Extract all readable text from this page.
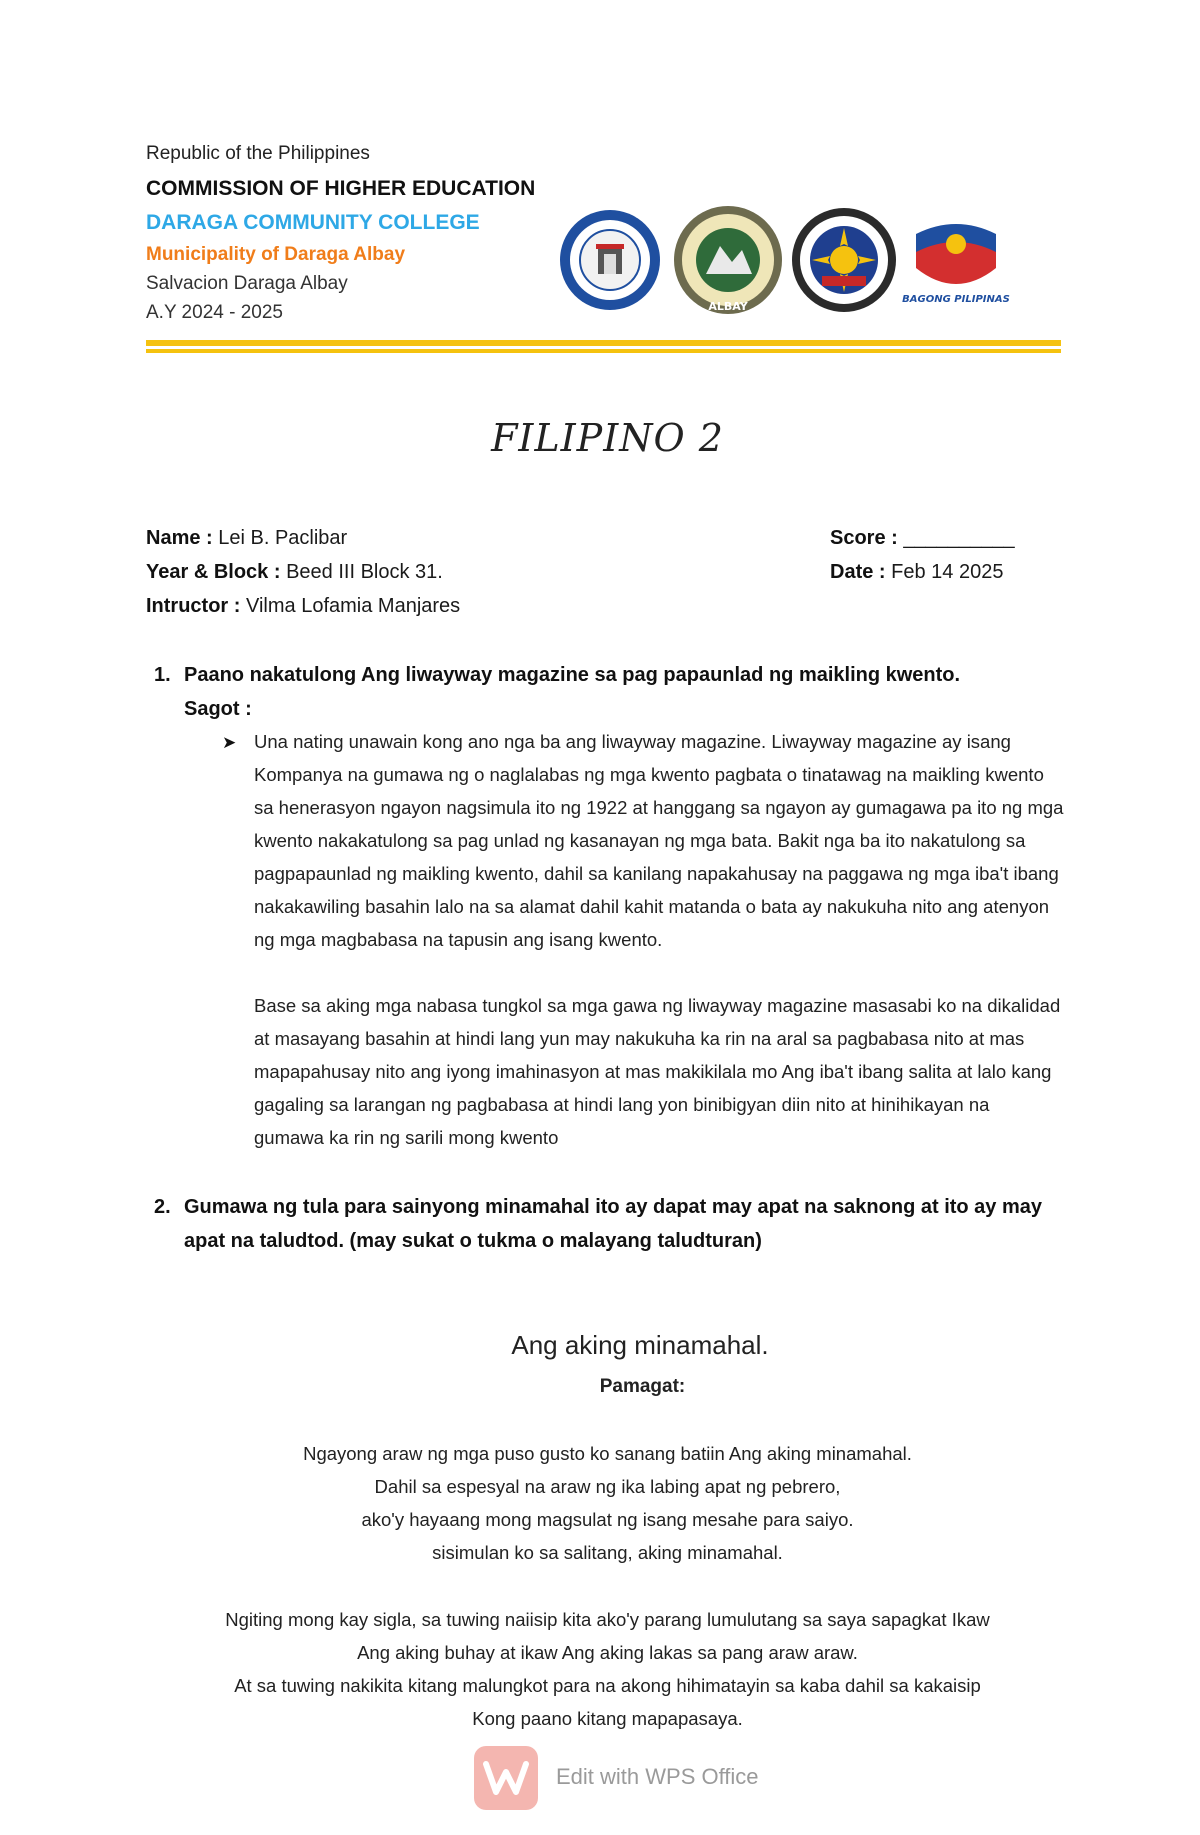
Republic of the Philippines
COMMISSION OF HIGHER EDUCATION
DARAGA COMMUNITY COLLEGE
Municipality of Daraga Albay
Salvacion Daraga Albay
A.Y 2024 - 2025	ALBAY
BAGONG PILIPINAS
FILIPINO 2
Name : Lei B. Paclibar
Year & Block : Beed III Block 31.
Intructor : Vilma Lofamia Manjares
Score : __________
Date : Feb 14 2025
1. Paano nakatulong Ang liwayway magazine sa pag papaunlad ng maikling kwento.
Sagot :
➤ Una nating unawain kong ano nga ba ang liwayway magazine. Liwayway magazine ay isang Kompanya na gumawa ng o naglalabas ng mga kwento pagbata o tinatawag na maikling kwento sa henerasyon ngayon nagsimula ito ng 1922 at hanggang sa ngayon ay gumagawa pa ito ng mga kwento nakakatulong sa pag unlad ng kasanayan ng mga bata. Bakit nga ba ito nakatulong sa pagpapaunlad ng maikling kwento, dahil sa kanilang napakahusay na paggawa ng mga iba't ibang nakakawiling basahin lalo na sa alamat dahil kahit matanda o bata ay nakukuha nito ang atenyon ng mga magbabasa na tapusin ang isang kwento.
Base sa aking mga nabasa tungkol sa mga gawa ng liwayway magazine masasabi ko na dikalidad at masayang basahin at hindi lang yun may nakukuha ka rin na aral sa pagbabasa nito at mas mapapahusay nito ang iyong imahinasyon at mas makikilala mo Ang iba't ibang salita at lalo kang gagaling sa larangan ng pagbabasa at hindi lang yon binibigyan diin nito at hinihikayan na gumawa ka rin ng sarili mong kwento
2. Gumawa ng tula para sainyong minamahal ito ay dapat may apat na saknong at ito ay may apat na taludtod. (may sukat o tukma o malayang taludturan)
Ang aking minamahal.
Pamagat:
Ngayong araw ng mga puso gusto ko sanang batiin Ang aking minamahal.
Dahil sa espesyal na araw ng ika labing apat ng pebrero,
ako'y hayaang mong magsulat ng isang mesahe para saiyo.
sisimulan ko sa salitang, aking minamahal.
Ngiting mong kay sigla, sa tuwing naiisip kita ako'y parang lumulutang sa saya sapagkat Ikaw
Ang aking buhay at ikaw Ang aking lakas sa pang araw araw.
At sa tuwing nakikita kitang malungkot para na akong hihimatayin sa kaba dahil sa kakaisip
Kong paano kitang mapapasaya.
Edit with WPS Office
